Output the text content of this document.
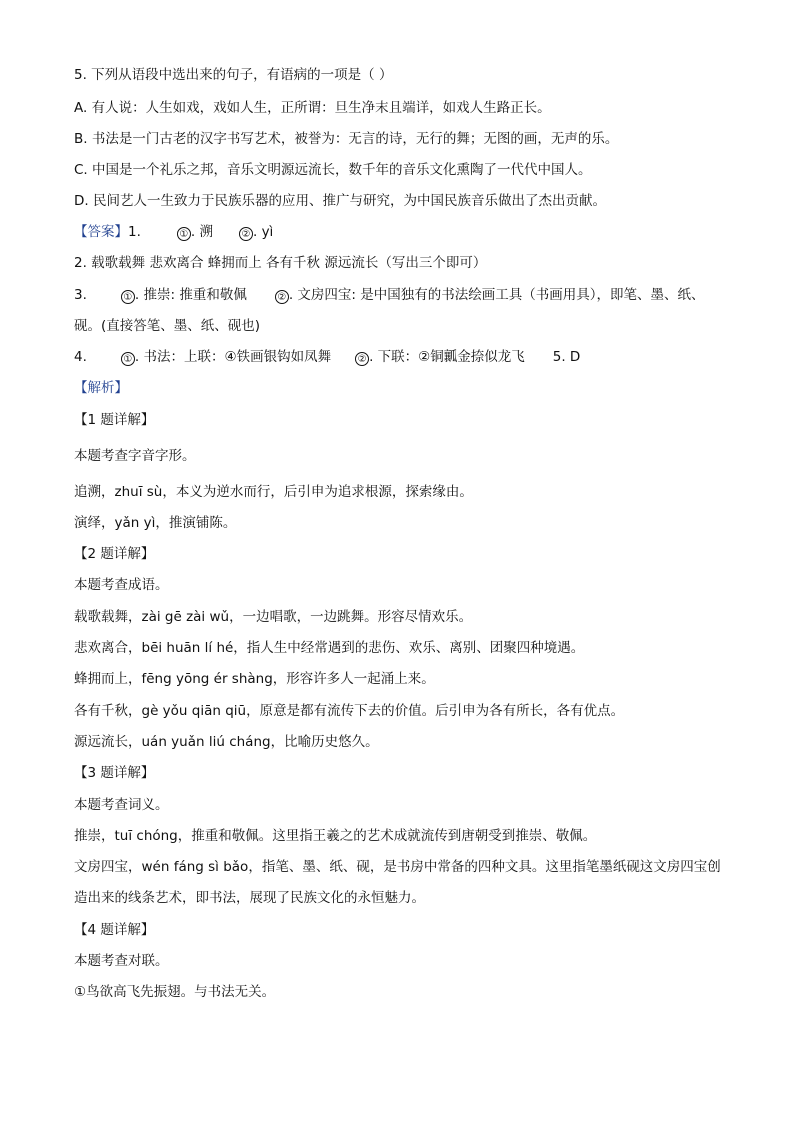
5. 下列从语段中选出来的句子，有语病的一项是（ ）
A. 有人说：人生如戏，戏如人生，正所谓：旦生净末且端详，如戏人生路正长。
B. 书法是一门古老的汉字书写艺术，被誉为：无言的诗，无行的舞；无图的画，无声的乐。
C. 中国是一个礼乐之邦，音乐文明源远流长，数千年的音乐文化熏陶了一代代中国人。
D. 民间艺人一生致力于民族乐器的应用、推广与研究，为中国民族音乐做出了杰出贡献。
【答案】1.	① . 溯	② . yì
2. 载歌载舞 悲欢离合 蜂拥而上 各有千秋 源远流长（写出三个即可）
3.	① . 推崇: 推重和敬佩	② . 文房四宝: 是中国独有的书法绘画工具（书画用具），即笔、墨、纸、
砚。(直接答笔、墨、纸、砚也)
4.	① . 书法：上联：④铁画银钩如凤舞	② . 下联：②铜瓤金捺似龙飞 5. D
【解析】
【1 题详解】
本题考查字音字形。
追溯，zhuī sù，本义为逆水而行，后引申为追求根源，探索缘由。
演绎，yǎn yì，推演铺陈。
【2 题详解】
本题考查成语。
载歌载舞，zài gē zài wǔ，一边唱歌，一边跳舞。形容尽情欢乐。
悲欢离合，bēi huān lí hé，指人生中经常遇到的悲伤、欢乐、离别、团聚四种境遇。
蜂拥而上，fēng yōng ér shàng，形容许多人一起涌上来。
各有千秋，gè yǒu qiān qiū，原意是都有流传下去的价值。后引申为各有所长，各有优点。
源远流长，uán yuǎn liú cháng，比喻历史悠久。
【3 题详解】
本题考查词义。
推崇，tuī chóng，推重和敬佩。这里指王羲之的艺术成就流传到唐朝受到推崇、敬佩。
文房四宝，wén fáng sì bǎo，指笔、墨、纸、砚，是书房中常备的四种文具。这里指笔墨纸砚这文房四宝创
造出来的线条艺术，即书法，展现了民族文化的永恒魅力。
【4 题详解】
本题考查对联。
①鸟欲高飞先振翅。与书法无关。
